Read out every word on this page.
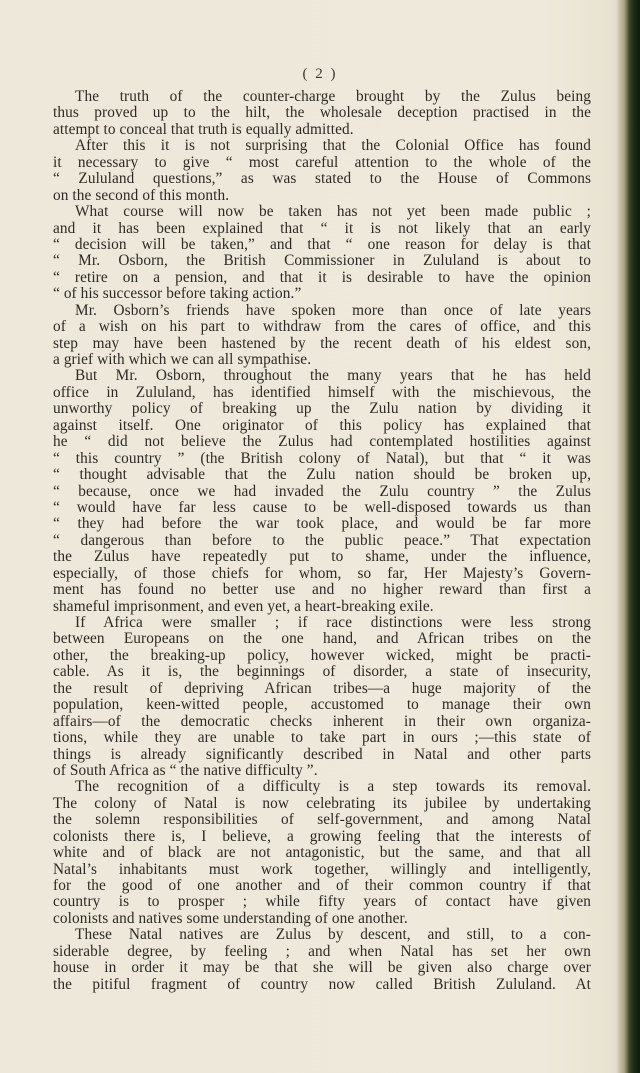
( 2 )
The truth of the counter-charge brought by the Zulus being
thus proved up to the hilt, the wholesale deception practised in the
attempt to conceal that truth is equally admitted.
After this it is not surprising that the Colonial Office has found
it necessary to give “ most careful attention to the whole of the
“ Zululand questions,” as was stated to the House of Commons
on the second of this month.
What course will now be taken has not yet been made public ;
and it has been explained that “ it is not likely that an early
“ decision will be taken,” and that “ one reason for delay is that
“ Mr. Osborn, the British Commissioner in Zululand is about to
“ retire on a pension, and that it is desirable to have the opinion
“ of his successor before taking action.”
Mr. Osborn’s friends have spoken more than once of late years
of a wish on his part to withdraw from the cares of office, and this
step may have been hastened by the recent death of his eldest son,
a grief with which we can all sympathise.
But Mr. Osborn, throughout the many years that he has held
office in Zululand, has identified himself with the mischievous, the
unworthy policy of breaking up the Zulu nation by dividing it
against itself. One originator of this policy has explained that
he “ did not believe the Zulus had contemplated hostilities against
“ this country ” (the British colony of Natal), but that “ it was
“ thought advisable that the Zulu nation should be broken up,
“ because, once we had invaded the Zulu country ” the Zulus
“ would have far less cause to be well-disposed towards us than
“ they had before the war took place, and would be far more
“ dangerous than before to the public peace.” That expectation
the Zulus have repeatedly put to shame, under the influence,
especially, of those chiefs for whom, so far, Her Majesty’s Govern-
ment has found no better use and no higher reward than first a
shameful imprisonment, and even yet, a heart-breaking exile.
If Africa were smaller ; if race distinctions were less strong
between Europeans on the one hand, and African tribes on the
other, the breaking-up policy, however wicked, might be practi-
cable. As it is, the beginnings of disorder, a state of insecurity,
the result of depriving African tribes—a huge majority of the
population, keen-witted people, accustomed to manage their own
affairs—of the democratic checks inherent in their own organiza-
tions, while they are unable to take part in ours ;—this state of
things is already significantly described in Natal and other parts
of South Africa as “ the native difficulty ”.
The recognition of a difficulty is a step towards its removal.
The colony of Natal is now celebrating its jubilee by undertaking
the solemn responsibilities of self-government, and among Natal
colonists there is, I believe, a growing feeling that the interests of
white and of black are not antagonistic, but the same, and that all
Natal’s inhabitants must work together, willingly and intelligently,
for the good of one another and of their common country if that
country is to prosper ; while fifty years of contact have given
colonists and natives some understanding of one another.
These Natal natives are Zulus by descent, and still, to a con-
siderable degree, by feeling ; and when Natal has set her own
house in order it may be that she will be given also charge over
the pitiful fragment of country now called British Zululand. At
